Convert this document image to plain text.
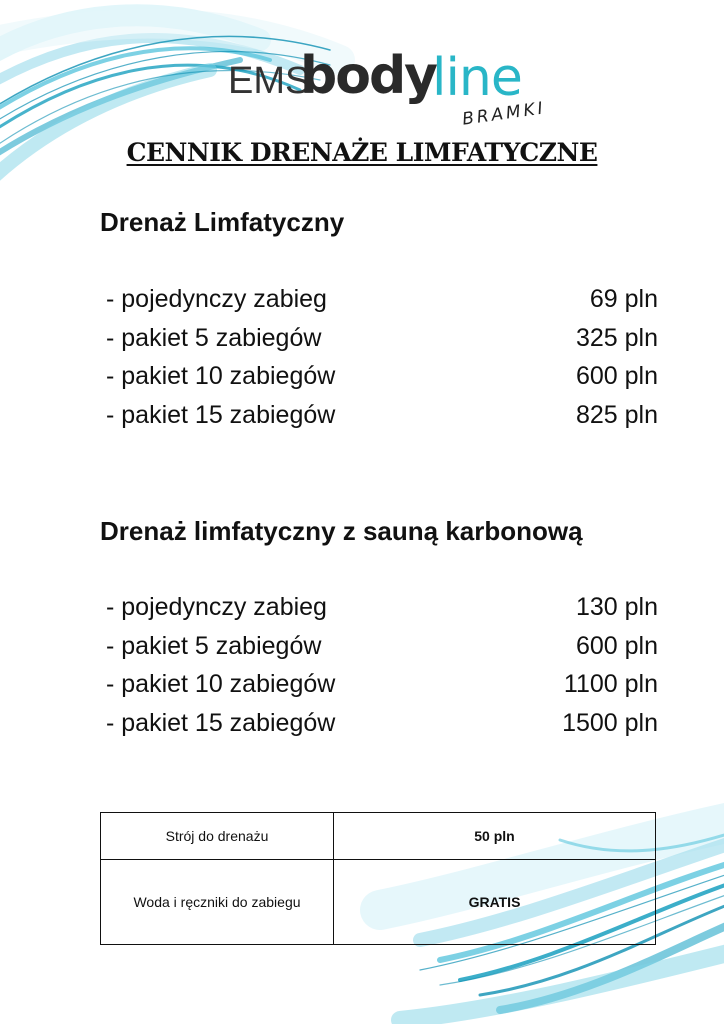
EMS
body
line
BRAMKI
CENNIK DRENAŻE LIMFATYCZNE
Drenaż Limfatyczny
- pojedynczy zabieg	69 pln
- pakiet 5 zabiegów	325 pln
- pakiet 10 zabiegów	600 pln
- pakiet 15 zabiegów	825 pln
Drenaż limfatyczny z sauną karbonową
- pojedynczy zabieg	130 pln
- pakiet 5 zabiegów	600 pln
- pakiet 10 zabiegów	1100 pln
- pakiet 15 zabiegów	1500 pln
Strój do drenażu	50 pln
Woda i ręczniki do zabiegu	GRATIS
